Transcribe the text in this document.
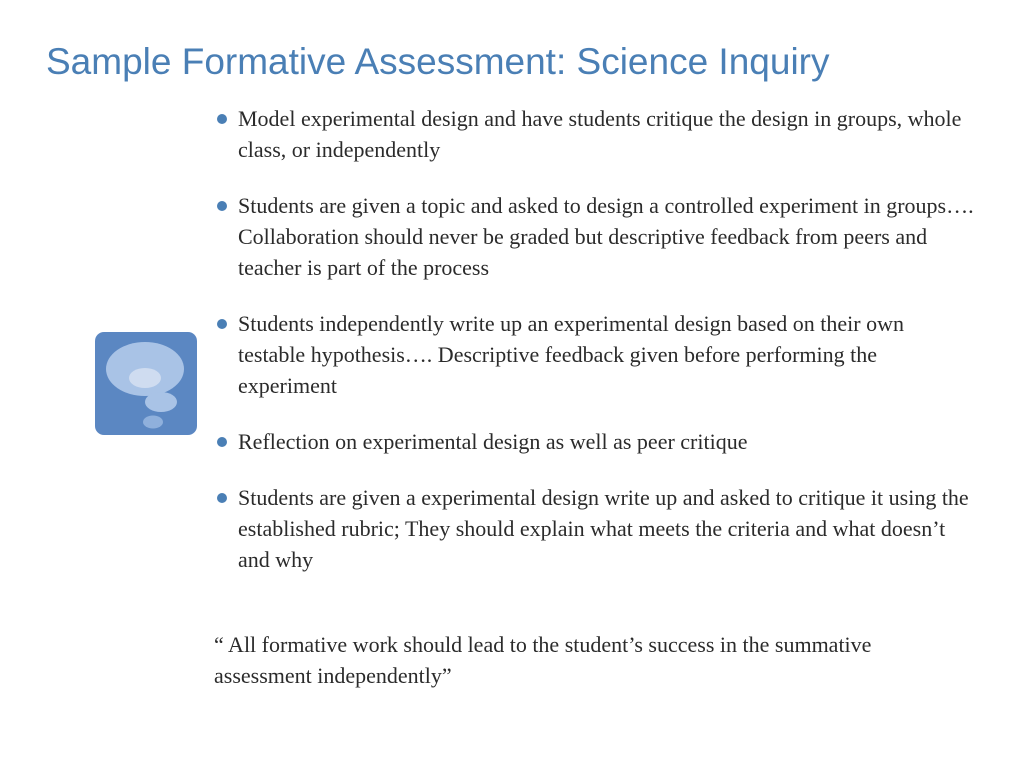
Sample Formative Assessment: Science Inquiry
Model experimental design and have students critique the design in groups, whole class, or independently
Students are given a topic and asked to design a controlled experiment in groups…. Collaboration should never be graded but descriptive feedback from peers and teacher is part of the process
Students independently write up an experimental design based on their own testable hypothesis…. Descriptive feedback given before performing the experiment
Reflection on experimental design as well as peer critique
Students are given a experimental design write up and asked to critique it using the established rubric; They should explain what meets the criteria and what doesn’t and why

“ All formative work should lead to the student’s success in the summative assessment independently”
